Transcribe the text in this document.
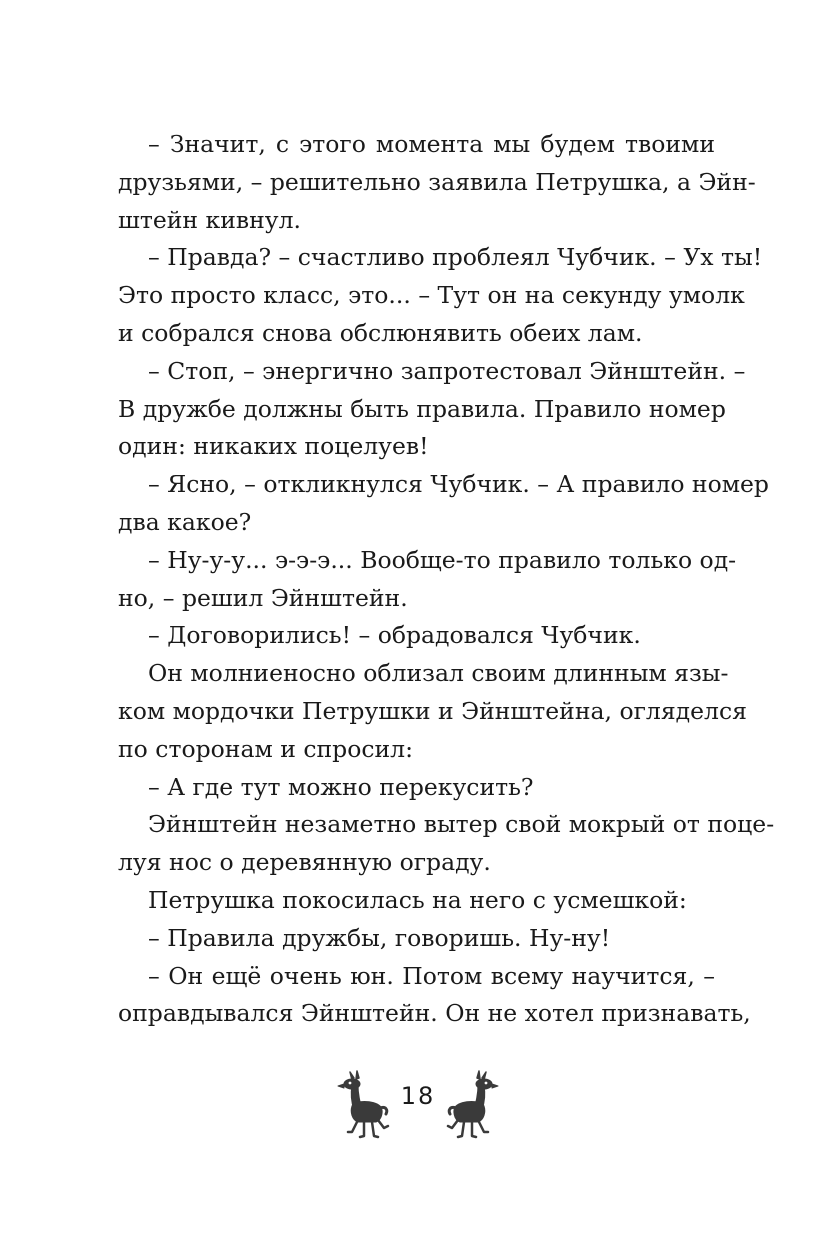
– Значит, с этого момента мы будем твоими
друзьями, – решительно заявила Петрушка, а Эйн-
штейн кивнул.
– Правда? – счастливо проблеял Чубчик. – Ух ты!
Это просто класс, это... – Тут он на секунду умолк
и собрался снова обслюнявить обеих лам.
– Стоп, – энергично запротестовал Эйнштейн. –
В дружбе должны быть правила. Правило номер
один: никаких поцелуев!
– Ясно, – откликнулся Чубчик. – А правило номер
два какое?
– Ну-у-у... э-э-э... Вообще-то правило только од-
но, – решил Эйнштейн.
– Договорились! – обрадовался Чубчик.
Он молниеносно облизал своим длинным язы-
ком мордочки Петрушки и Эйнштейна, огляделся
по сторонам и спросил:
– А где тут можно перекусить?
Эйнштейн незаметно вытер свой мокрый от поце-
луя нос о деревянную ограду.
Петрушка покосилась на него с усмешкой:
– Правила дружбы, говоришь. Ну-ну!
– Он ещё очень юн. Потом всему научится, –
оправдывался Эйнштейн. Он не хотел признавать,
18
